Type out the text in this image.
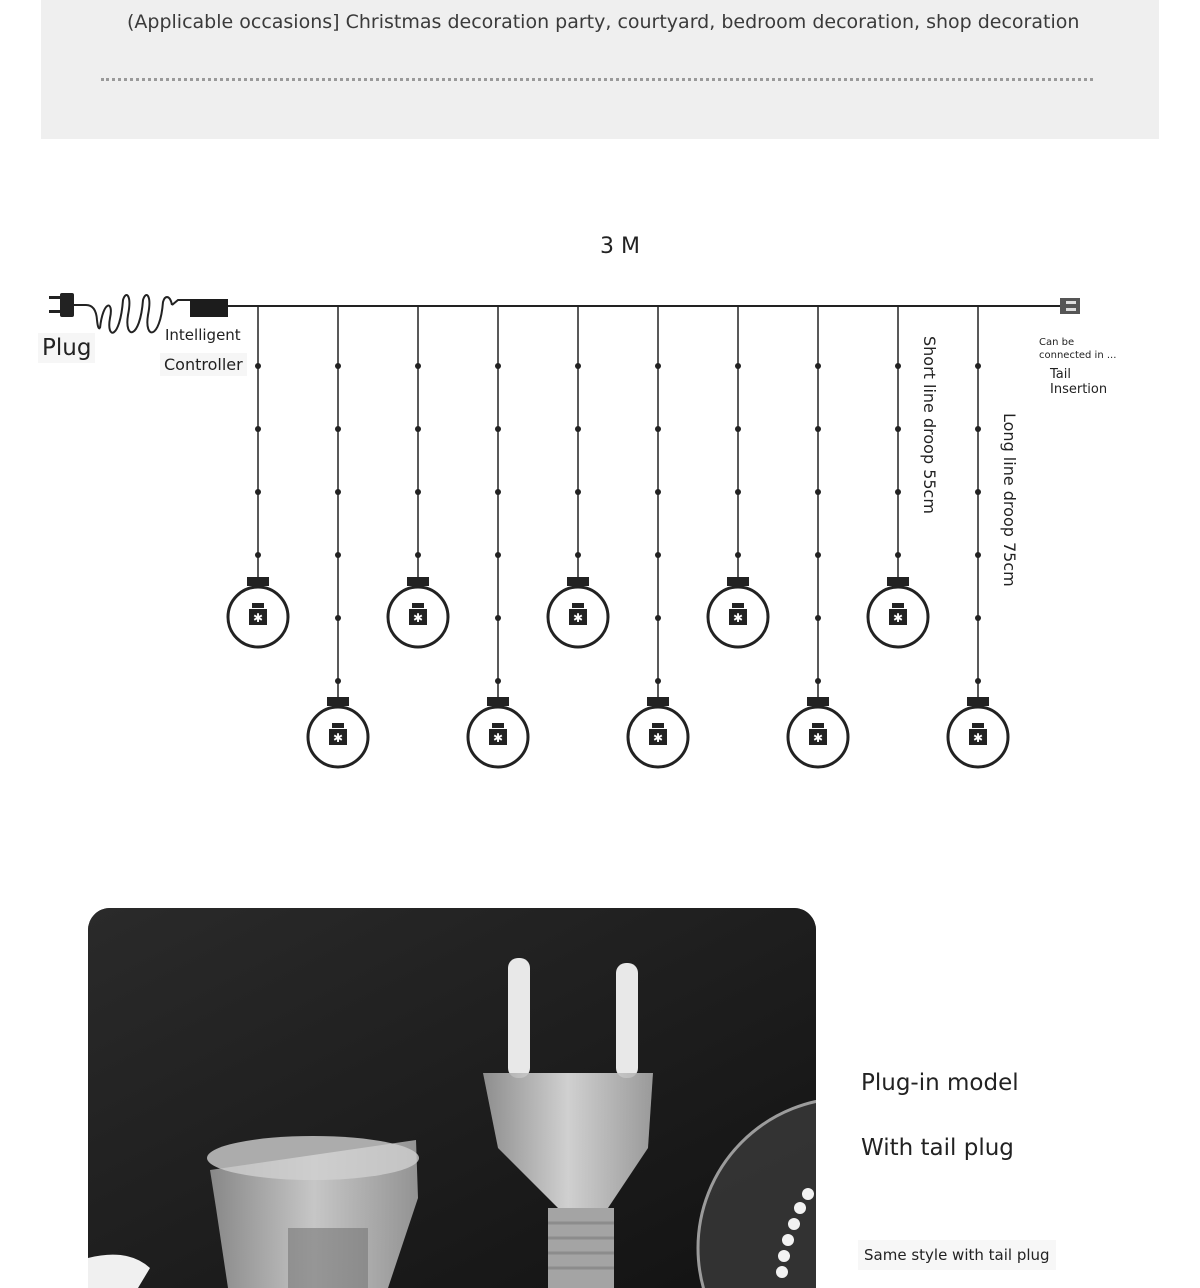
(Applicable occasions] Christmas decoration party, courtyard, bedroom decoration, shop decoration
✱
✱
✱
✱
✱
✱
✱
✱
✱
✱
3 M
Plug	Intelligent
Controller
Can be connected in ...
Tail Insertion
Short line droop 55cm	Long line droop 75cm
Plug-in model
With tail plug
Same style with tail plug
